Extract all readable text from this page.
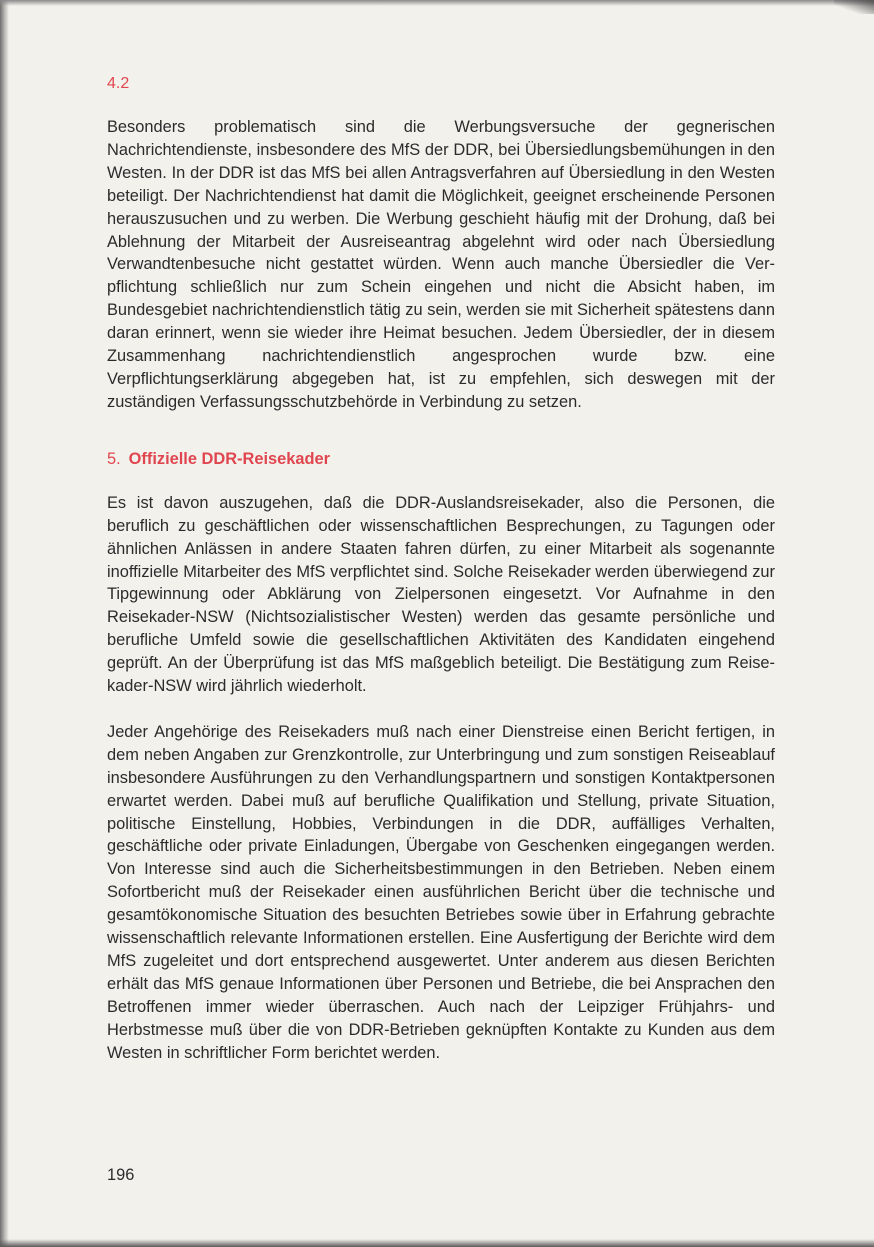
4.2

Besonders problematisch sind die Werbungsversuche der gegnerischen Nachrichtendienste, insbesondere des MfS der DDR, bei Übersiedlungsbemühungen in den Westen. In der DDR ist das MfS bei allen Antragsverfahren auf Übersiedlung in den Westen beteiligt. Der Nachrichtendienst hat damit die Möglichkeit, geeignet erscheinende Personen herauszusuchen und zu werben. Die Werbung geschieht häufig mit der Drohung, daß bei Ablehnung der Mitarbeit der Ausreiseantrag abgelehnt wird oder nach Übersiedlung Verwandtenbesuche nicht gestattet würden. Wenn auch manche Übersiedler die Verpflichtung schließlich nur zum Schein eingehen und nicht die Absicht haben, im Bundesgebiet nachrichtendienstlich tätig zu sein, werden sie mit Sicherheit spätestens dann daran erinnert, wenn sie wieder ihre Heimat besuchen. Jedem Übersiedler, der in diesem Zusammenhang nachrichtendienstlich angesprochen wurde bzw. eine Verpflichtungserklärung abgegeben hat, ist zu empfehlen, sich deswegen mit der zuständigen Verfassungsschutzbehörde in Verbindung zu setzen.

5. Offizielle DDR-Reisekader

Es ist davon auszugehen, daß die DDR-Auslandsreisekader, also die Personen, die beruflich zu geschäftlichen oder wissenschaftlichen Besprechungen, zu Tagungen oder ähnlichen Anlässen in andere Staaten fahren dürfen, zu einer Mitarbeit als sogenannte inoffizielle Mitarbeiter des MfS verpflichtet sind. Solche Reisekader werden überwiegend zur Tipgewinnung oder Abklärung von Zielpersonen eingesetzt. Vor Aufnahme in den Reisekader-NSW (Nichtsozialistischer Westen) werden das gesamte persönliche und berufliche Umfeld sowie die gesellschaftlichen Aktivitäten des Kandidaten eingehend geprüft. An der Überprüfung ist das MfS maßgeblich beteiligt. Die Bestätigung zum Reisekader-NSW wird jährlich wiederholt.

Jeder Angehörige des Reisekaders muß nach einer Dienstreise einen Bericht fertigen, in dem neben Angaben zur Grenzkontrolle, zur Unterbringung und zum sonstigen Reiseablauf insbesondere Ausführungen zu den Verhandlungspartnern und sonstigen Kontaktpersonen erwartet werden. Dabei muß auf berufliche Qualifikation und Stellung, private Situation, politische Einstellung, Hobbies, Verbindungen in die DDR, auffälliges Verhalten, geschäftliche oder private Einladungen, Übergabe von Geschenken eingegangen werden. Von Interesse sind auch die Sicherheitsbestimmungen in den Betrieben. Neben einem Sofortbericht muß der Reisekader einen ausführlichen Bericht über die technische und gesamtökonomische Situation des besuchten Betriebes sowie über in Erfahrung gebrachte wissenschaftlich relevante Informationen erstellen. Eine Ausfertigung der Berichte wird dem MfS zugeleitet und dort entsprechend ausgewertet. Unter anderem aus diesen Berichten erhält das MfS genaue Informationen über Personen und Betriebe, die bei Ansprachen den Betroffenen immer wieder überraschen. Auch nach der Leipziger Frühjahrs- und Herbstmesse muß über die von DDR-Betrieben geknüpften Kontakte zu Kunden aus dem Westen in schriftlicher Form berichtet werden.

196
